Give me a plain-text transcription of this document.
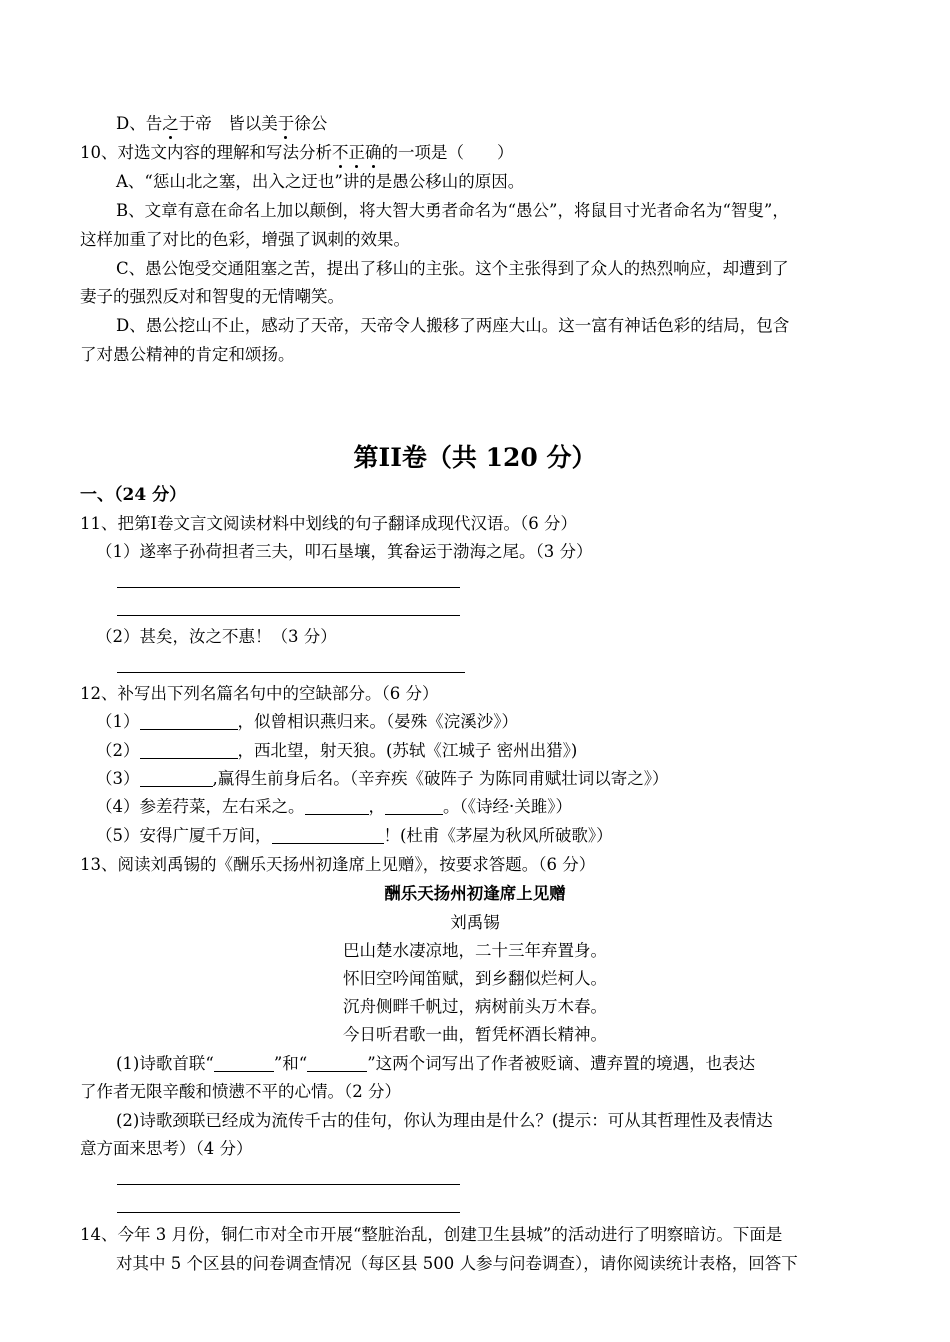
D、告之于帝　皆以美于徐公
10、对选文内容的理解和写法分析不正确的一项是（　　）
A、“惩山北之塞，出入之迂也”讲的是愚公移山的原因。
B、文章有意在命名上加以颠倒，将大智大勇者命名为“愚公”，将鼠目寸光者命名为“智叟”，
这样加重了对比的色彩，增强了讽刺的效果。
C、愚公饱受交通阻塞之苦，提出了移山的主张。这个主张得到了众人的热烈响应，却遭到了
妻子的强烈反对和智叟的无情嘲笑。
D、愚公挖山不止，感动了天帝，天帝令人搬移了两座大山。这一富有神话色彩的结局，包含
了对愚公精神的肯定和颂扬。
第II卷（共 120 分）
一、（24 分）
11、把第I卷文言文阅读材料中划线的句子翻译成现代汉语。（6 分）
（1）遂率子孙荷担者三夫，叩石垦壤，箕畚运于渤海之尾。（3 分）
（2）甚矣，汝之不惠！（3 分）
12、补写出下列名篇名句中的空缺部分。（6 分）
（1）	，似曾相识燕归来。（晏殊《浣溪沙》）
（2）	，西北望，射天狼。(苏轼《江城子 密州出猎》)
（3）	,赢得生前身后名。（辛弃疾《破阵子 为陈同甫赋壮词以寄之》）
（4）参差荇菜，左右采之。	，	。（《诗经·关雎》）
（5）安得广厦千万间，	！(杜甫《茅屋为秋风所破歌》）
13、阅读刘禹锡的《酬乐天扬州初逢席上见赠》，按要求答题。（6 分）
酬乐天扬州初逢席上见赠
刘禹锡
巴山楚水凄凉地，二十三年弃置身。
怀旧空吟闻笛赋，到乡翻似烂柯人。
沉舟侧畔千帆过，病树前头万木春。
今日听君歌一曲，暂凭杯酒长精神。
(1)诗歌首联“	”和“	”这两个词写出了作者被贬谪、遭弃置的境遇，也表达
了作者无限辛酸和愤懑不平的心情。（2 分）
(2)诗歌颈联已经成为流传千古的佳句，你认为理由是什么？(提示：可从其哲理性及表情达
意方面来思考）（4 分）
14、今年 3 月份，铜仁市对全市开展“整脏治乱，创建卫生县城”的活动进行了明察暗访。下面是
对其中 5 个区县的问卷调查情况（每区县 500 人参与问卷调查），请你阅读统计表格，回答下
